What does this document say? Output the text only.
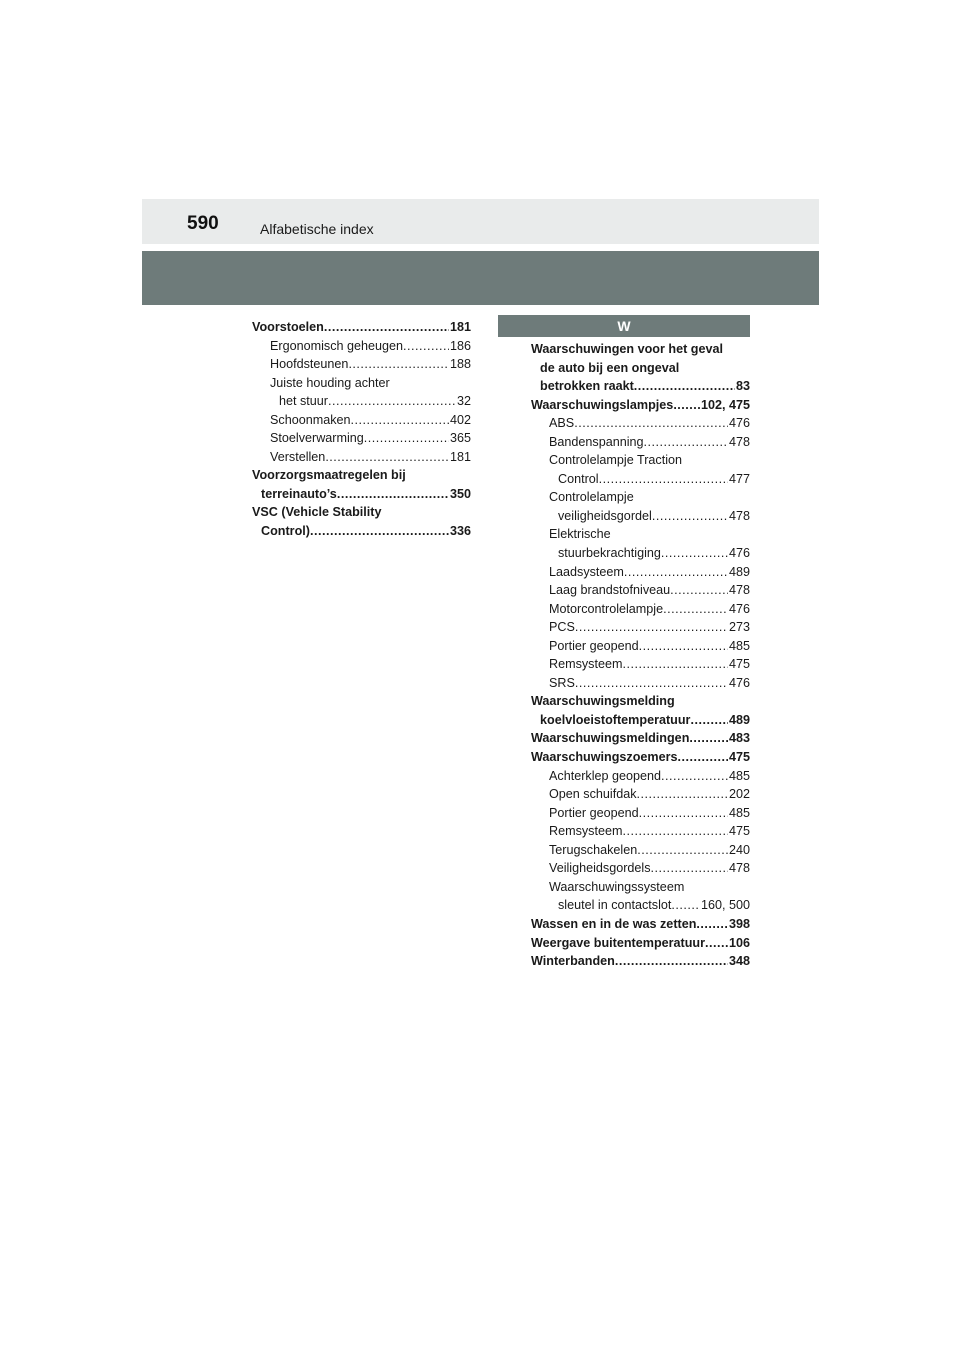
590	Alfabetische index
Voorstoelen .....	181
Ergonomisch geheugen .....	186
Hoofdsteunen .....	188
Juiste houding achter
het stuur .....	32
Schoonmaken .....	402
Stoelverwarming .....	365
Verstellen .....	181
Voorzorgsmaatregelen bij
terreinauto’s .....	350
VSC (Vehicle Stability
Control) .....	336
W
Waarschuwingen voor het geval
de auto bij een ongeval
betrokken raakt .....	83
Waarschuwingslampjes ..... 102, 475
ABS .....	476
Bandenspanning .....	478
Controlelampje Traction
Control .....	477
Controlelampje
veiligheidsgordel .....	478
Elektrische
stuurbekrachtiging .....	476
Laadsysteem .....	489
Laag brandstofniveau .....	478
Motorcontrolelampje .....	476
PCS .....	273
Portier geopend .....	485
Remsysteem .....	475
SRS .....	476
Waarschuwingsmelding
koelvloeistoftemperatuur .....	489
Waarschuwingsmeldingen .....	483
Waarschuwingszoemers .....	475
Achterklep geopend .....	485
Open schuifdak .....	202
Portier geopend .....	485
Remsysteem .....	475
Terugschakelen .....	240
Veiligheidsgordels .....	478
Waarschuwingssysteem
sleutel in contactslot ..... 160, 500
Wassen en in de was zetten .....	398
Weergave buitentemperatuur ..... 106
Winterbanden .....	348
